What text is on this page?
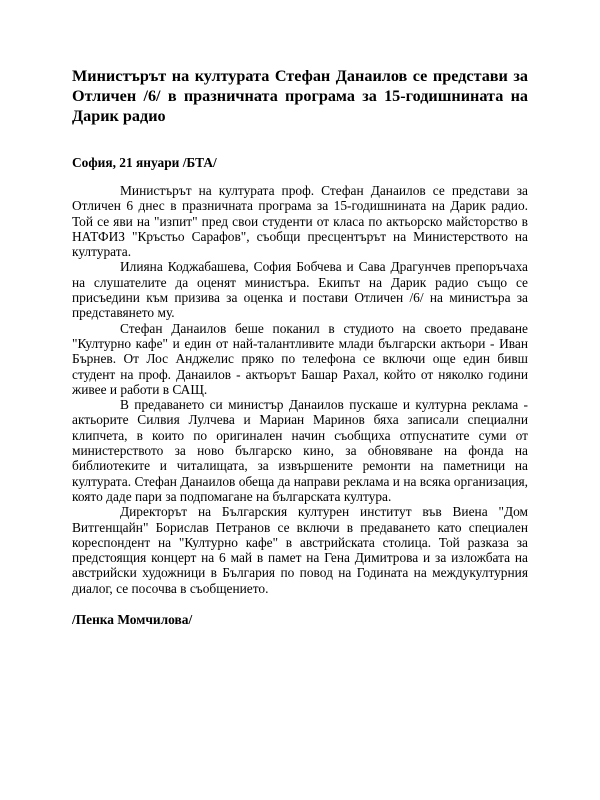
Министърът на културата Стефан Данаилов се представи за Отличен /6/ в празничната програма за 15-годишнината на Дарик радио

София, 21 януари /БТА/

Министърът на културата проф. Стефан Данаилов се представи за Отличен 6 днес в празничната програма за 15-годишнината на Дарик радио. Той се яви на "изпит" пред свои студенти от класа по актьорско майсторство в НАТФИЗ "Кръстьо Сарафов", съобщи пресцентърът на Министерството на културата.

Илияна Коджабашева, София Бобчева и Сава Драгунчев препоръчаха на слушателите да оценят министъра. Екипът на Дарик радио също се присъедини към призива за оценка и постави Отличен /6/ на министъра за представянето му.

Стефан Данаилов беше поканил в студиото на своето предаване "Културно кафе" и един от най-талантливите млади български актьори - Иван Бърнев. От Лос Анджелис пряко по телефона се включи още един бивш студент на проф. Данаилов - актьорът Башар Рахал, който от няколко години живее и работи в САЩ.

В предаването си министър Данаилов пускаше и културна реклама - актьорите Силвия Лулчева и Мариан Маринов бяха записали специални клипчета, в които по оригинален начин съобщиха отпуснатите суми от министерството за ново българско кино, за обновяване на фонда на библиотеките и читалищата, за извършените ремонти на паметници на културата. Стефан Данаилов обеща да направи реклама и на всяка организация, която даде пари за подпомагане на българската култура.

Директорът на Българския културен институт във Виена "Дом Витгенщайн" Борислав Петранов се включи в предаването като специален кореспондент на "Културно кафе" в австрийската столица. Той разказа за предстоящия концерт на 6 май в памет на Гена Димитрова и за изложбата на австрийски художници в България по повод на Годината на междукултурния диалог, се посочва в съобщението.

/Пенка Момчилова/
